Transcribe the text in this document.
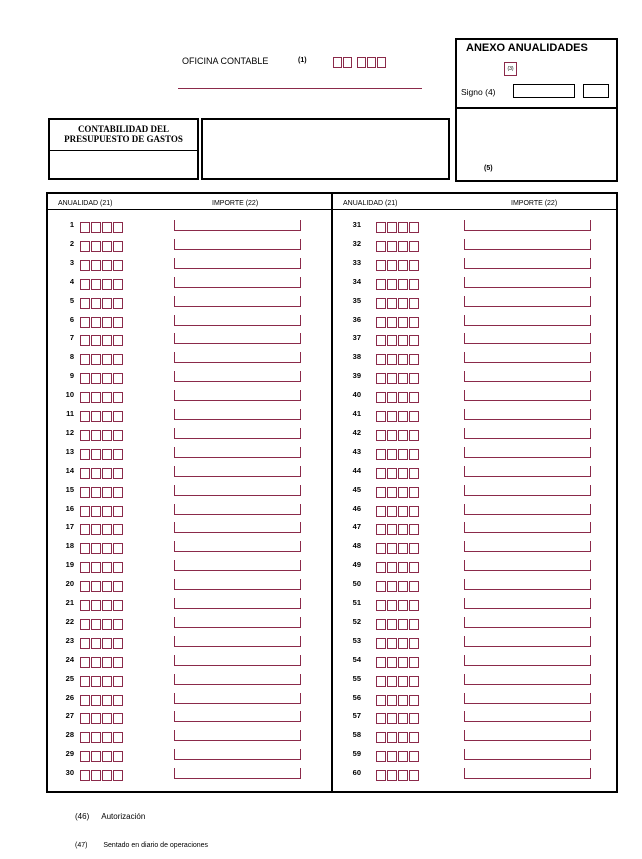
OFICINA CONTABLE	(1)
ANEXO ANUALIDADES
(3)
Signo (4)
(5)
CONTABILIDAD DEL
PRESUPUESTO DE GASTOS
ANUALIDAD (21)	IMPORTE (22)	ANUALIDAD (21)	IMPORTE (22)
1
2
3
4
5
6
7
8
9
10
11
12
13
14
15
16
17
18
19
20
21
22
23
24
25
26
27
28
29
30
31
32
33
34
35
36
37
38
39
40
41
42
43
44
45
46
47
48
49
50
51
52
53
54
55
56
57
58
59
60
(46) Autorización
(47) Sentado en diario de operaciones
